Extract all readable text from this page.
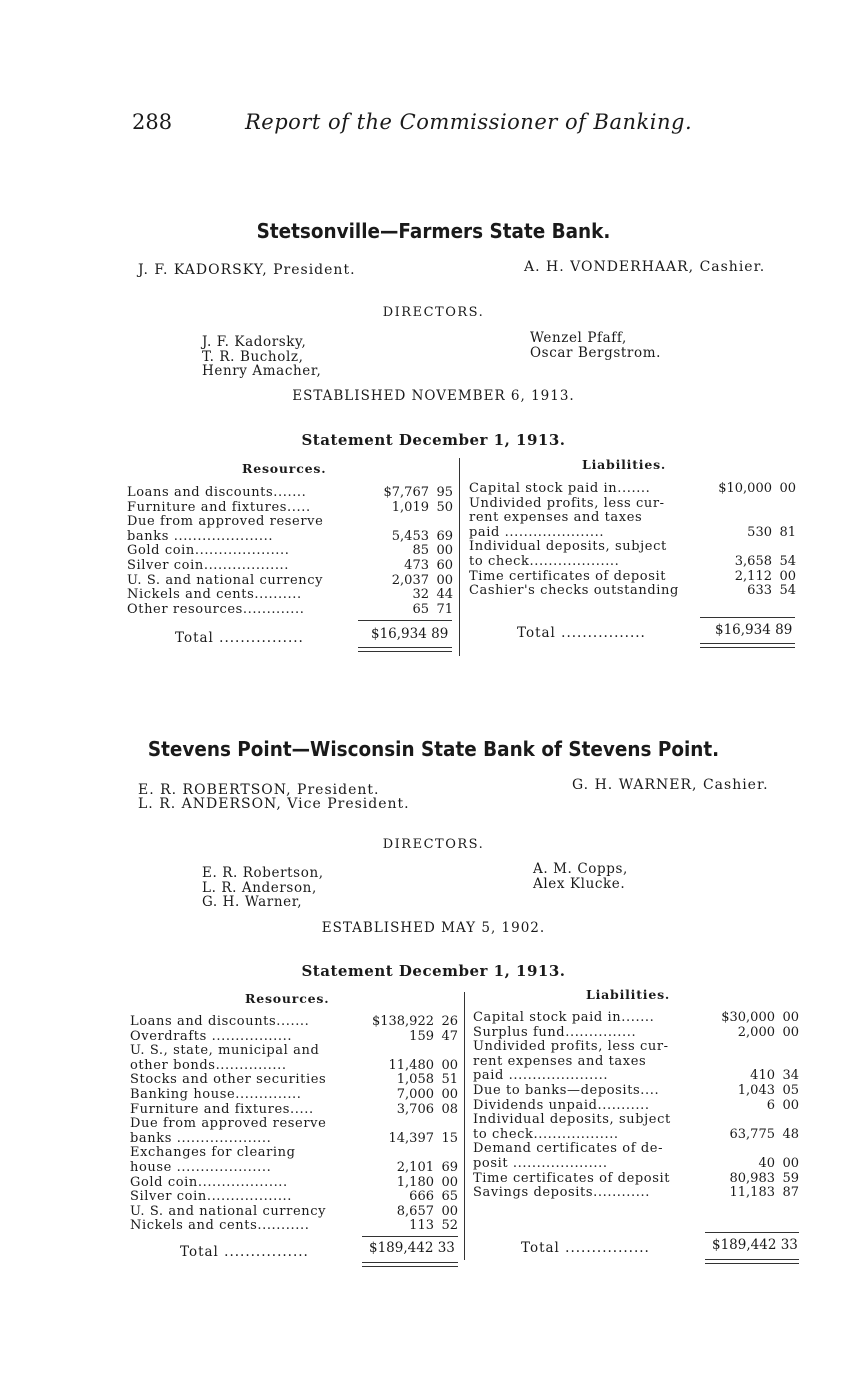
288	Report of the Commissioner of Banking.
Stetsonville—Farmers State Bank.
J. F. KADORSKY, President.	A. H. VONDERHAAR, Cashier.
DIRECTORS.
J. F. Kadorsky,
T. R. Bucholz,
Henry Amacher,
Wenzel Pfaff,
Oscar Bergstrom.
ESTABLISHED NOVEMBER 6, 1913.
Statement December 1, 1913.
Resources.	Liabilities.
Loans and discounts.......	$7,767 95
Furniture and fixtures.....	1,019 50
Due from approved reserve
banks .....................	5,453 69
Gold coin....................	85 00
Silver coin..................	473 60
U. S. and national currency	2,037 00
Nickels and cents..........	32 44
Other resources.............	65 71
Capital stock paid in.......	$10,000 00
Undivided profits, less cur-
rent expenses and taxes
paid .....................	530 81
Individual deposits, subject
to check...................	3,658 54
Time certificates of deposit	2,112 00
Cashier's checks outstanding	633 54
Total ................	$16,934 89	Total ................	$16,934 89
Stevens Point—Wisconsin State Bank of Stevens Point.
E. R. ROBERTSON, President.
L. R. ANDERSON, Vice President.
G. H. WARNER, Cashier.
DIRECTORS.
E. R. Robertson,
L. R. Anderson,
G. H. Warner,
A. M. Copps,
Alex Klucke.
ESTABLISHED MAY 5, 1902.
Statement December 1, 1913.
Resources.	Liabilities.
Loans and discounts.......	$138,922 26
Overdrafts .................	159 47
U. S., state, municipal and
other bonds...............	11,480 00
Stocks and other securities	1,058 51
Banking house..............	7,000 00
Furniture and fixtures.....	3,706 08
Due from approved reserve
banks ....................	14,397 15
Exchanges for clearing
house ....................	2,101 69
Gold coin...................	1,180 00
Silver coin..................	666 65
U. S. and national currency	8,657 00
Nickels and cents...........	113 52
Capital stock paid in.......	$30,000 00
Surplus fund...............	2,000 00
Undivided profits, less cur-
rent expenses and taxes
paid .....................	410 34
Due to banks—deposits....	1,043 05
Dividends unpaid...........	6 00
Individual deposits, subject
to check..................	63,775 48
Demand certificates of de-
posit ....................	40 00
Time certificates of deposit	80,983 59
Savings deposits............	11,183 87
Total ................	$189,442 33	Total ................	$189,442 33
